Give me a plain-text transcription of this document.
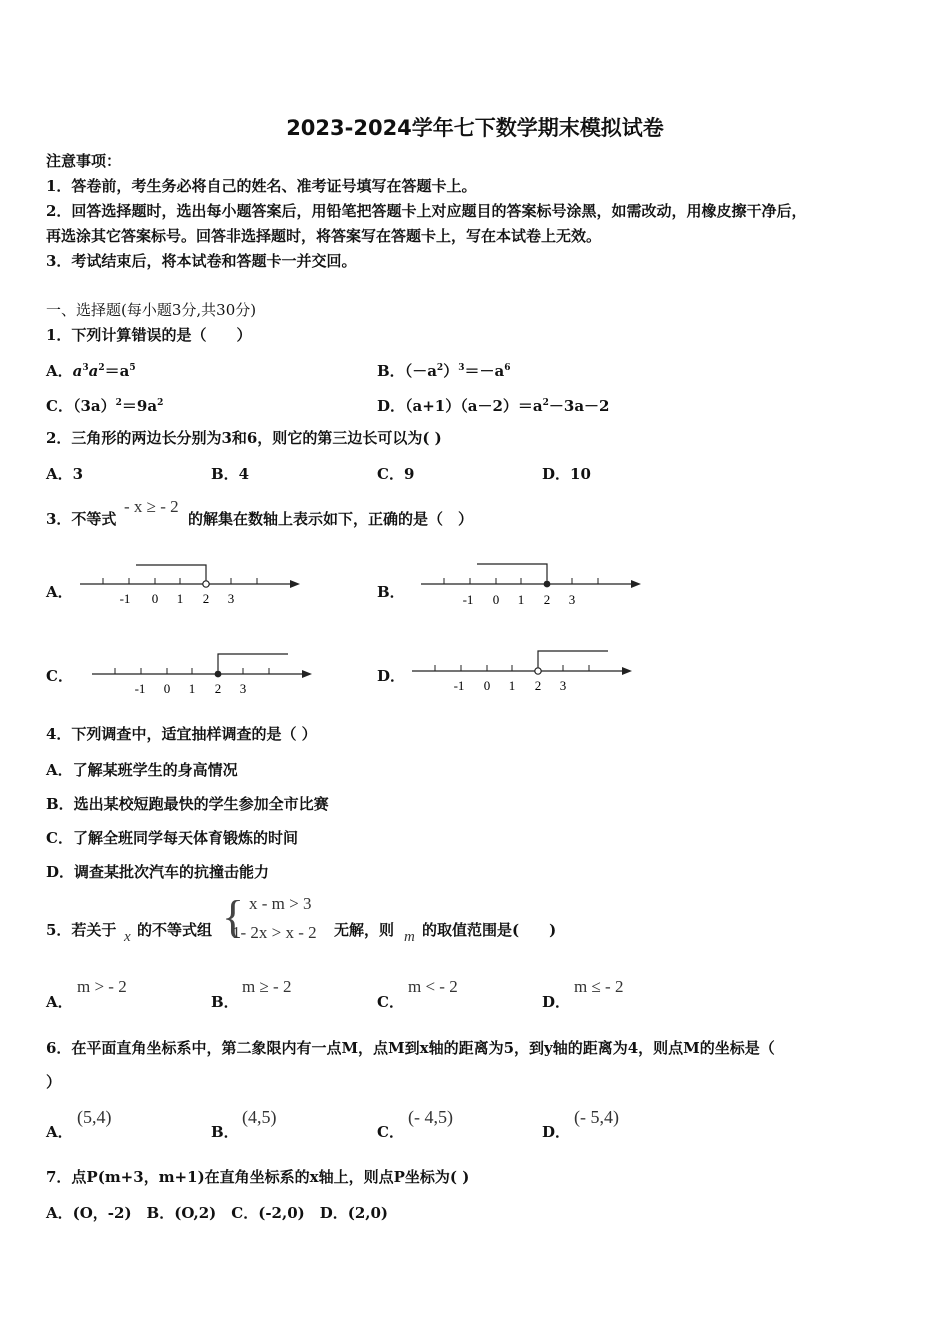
2023-2024学年七下数学期末模拟试卷
注意事项：
1．答卷前，考生务必将自己的姓名、准考证号填写在答题卡上。
2．回答选择题时，选出每小题答案后，用铅笔把答题卡上对应题目的答案标号涂黑，如需改动，用橡皮擦干净后，
再选涂其它答案标号。回答非选择题时，将答案写在答题卡上，写在本试卷上无效。
3．考试结束后，将本试卷和答题卡一并交回。
一、选择题(每小题3分,共30分)
1．下列计算错误的是（　　）
A．$a^3a^2=a^5$	B．$(-a^2)^3=-a^6$
C．$(3a)^2=9a^2$	D．$(a+1)(a-2)=a^2-3a-2$
2．三角形的两边长分别为3和6，则它的第三边长可以为( )
A．3	B．4	C．9	D．10
3．不等式
- x ≥ - 2
的解集在数轴上表示如下，正确的是（　）
A．	B．
C．	D．
-1 0 1 2 3	-1 0 1 2 3
-1 0 1 2 3	-1 0 1 2 3
4．下列调查中，适宜抽样调查的是（ ）
A．了解某班学生的身高情况
B．选出某校短跑最快的学生参加全市比赛
C．了解全班同学每天体育锻炼的时间
D．调查某批次汽车的抗撞击能力
5．若关于 x 的不等式组 { x - m > 3
1- 2x > x - 2 无解，则 m 的取值范围是(　　)
A．
m > - 2
B．
m ≥ - 2
C．
m < - 2
D．
m ≤ - 2
6．在平面直角坐标系中，第二象限内有一点M，点M到x轴的距离为5，到y轴的距离为4，则点M的坐标是（
）
A．
(5,4)
B．
(4,5)
C．
(- 4,5)
D．
(- 5,4)
7．点P(m+3，m+1)在直角坐标系的x轴上，则点P坐标为( )
A．(O，-2)　B．(O,2)　C．(-2,0)　D．(2,0)
